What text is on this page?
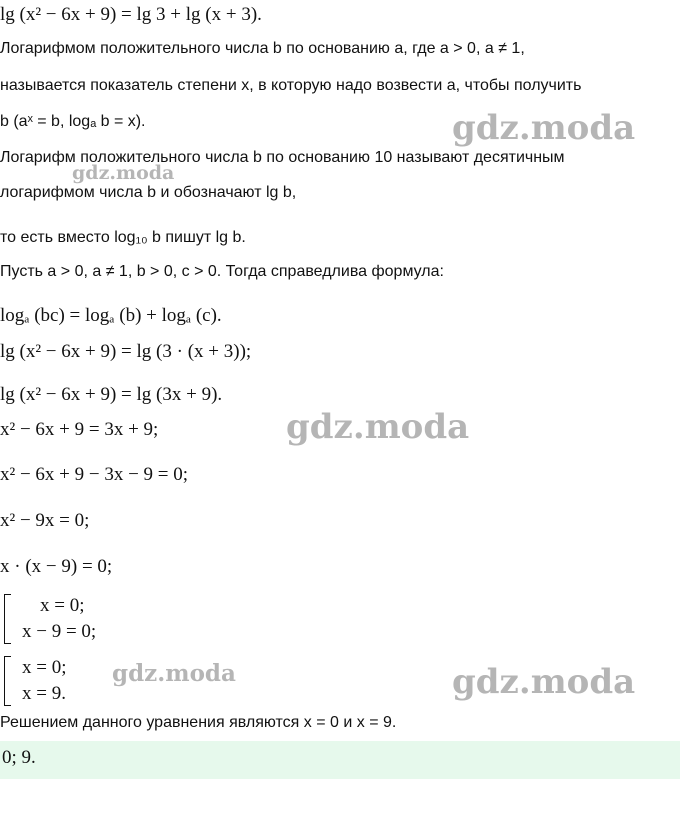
lg (x² − 6x + 9) = lg 3 + lg (x + 3).
Логарифмом положительного числа b по основанию a, где a > 0, a ≠ 1,
называется показатель степени x, в которую надо возвести a, чтобы получить
b (aˣ = b, logₐ b = x).
Логарифм положительного числа b по основанию 10 называют десятичным
логарифмом числа b и обозначают lg b,
то есть вместо log₁₀ b пишут lg b.
Пусть a > 0, a ≠ 1, b > 0, c > 0. Тогда справедлива формула:
logₐ (bc) = logₐ (b) + logₐ (c).
lg (x² − 6x + 9) = lg (3 · (x + 3));
lg (x² − 6x + 9) = lg (3x + 9).
x² − 6x + 9 = 3x + 9;
x² − 6x + 9 − 3x − 9 = 0;
x² − 9x = 0;
x · (x − 9) = 0;
x = 0;
x − 9 = 0;
x = 0;
x = 9.
Решением данного уравнения являются x = 0 и x = 9.
0; 9.
gdz.moda
gdz.moda
gdz.moda
gdz.moda	gdz.moda
